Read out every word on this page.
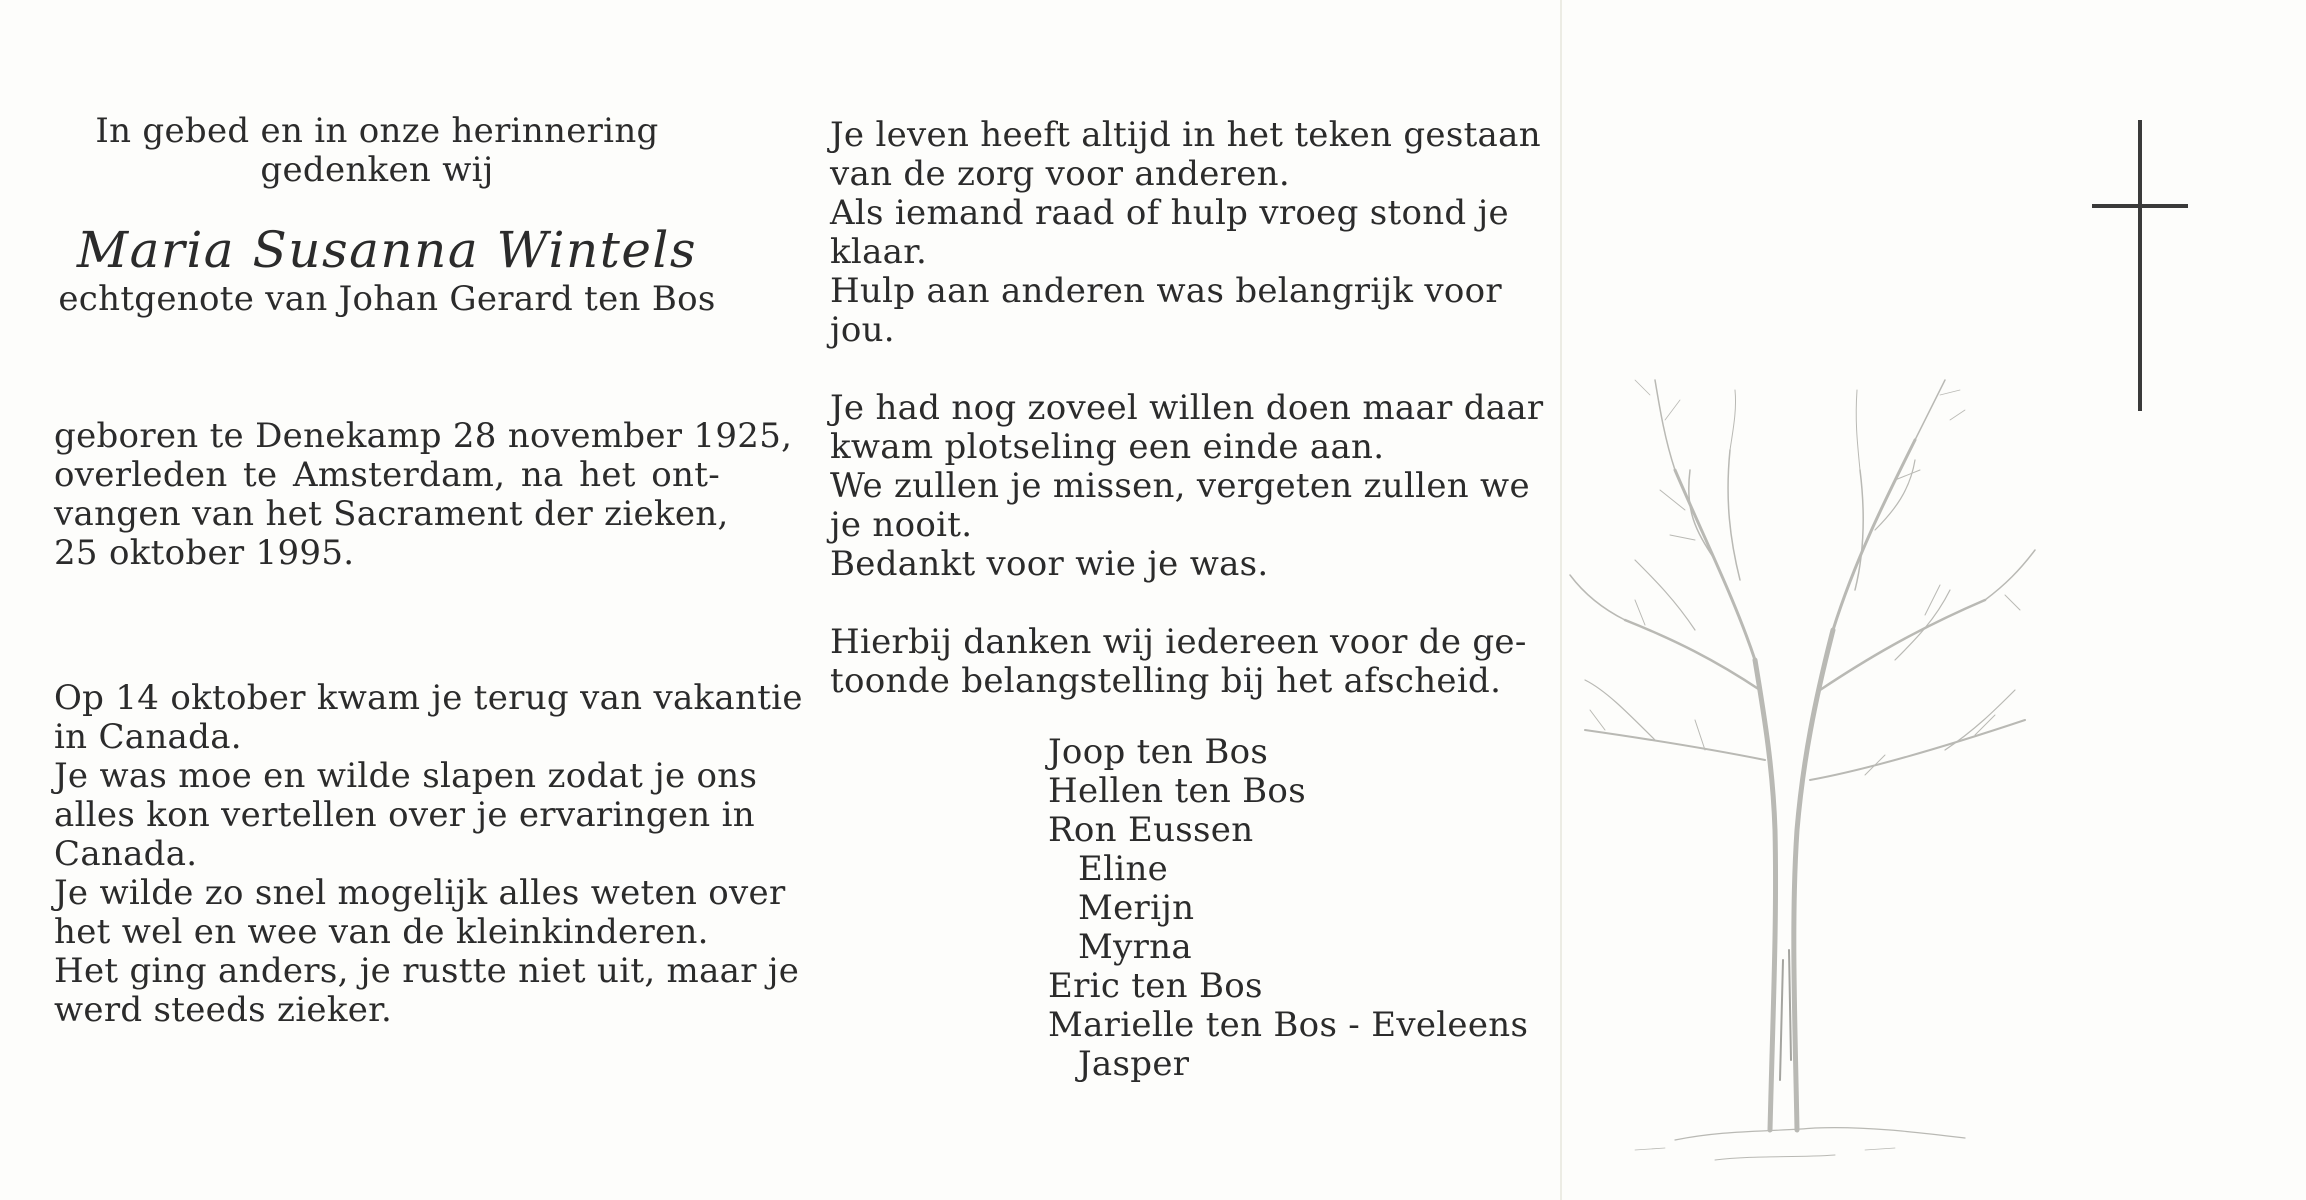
In gebed en in onze herinnering
gedenken wij
Maria Susanna Wintels
echtgenote van Johan Gerard ten Bos
geboren te Denekamp 28 november 1925,
overleden te Amsterdam, na het ont-
vangen van het Sacrament der zieken,
25 oktober 1995.
Op 14 oktober kwam je terug van vakantie
in Canada.
Je was moe en wilde slapen zodat je ons
alles kon vertellen over je ervaringen in
Canada.
Je wilde zo snel mogelijk alles weten over
het wel en wee van de kleinkinderen.
Het ging anders, je rustte niet uit, maar je
werd steeds zieker.
Je leven heeft altijd in het teken gestaan
van de zorg voor anderen.
Als iemand raad of hulp vroeg stond je
klaar.
Hulp aan anderen was belangrijk voor
jou.
Je had nog zoveel willen doen maar daar
kwam plotseling een einde aan.
We zullen je missen, vergeten zullen we
je nooit.
Bedankt voor wie je was.
Hierbij danken wij iedereen voor de ge-
toonde belangstelling bij het afscheid.
Joop ten Bos
Hellen ten Bos
Ron Eussen
Eline
Merijn
Myrna
Eric ten Bos
Marielle ten Bos - Eveleens
Jasper
